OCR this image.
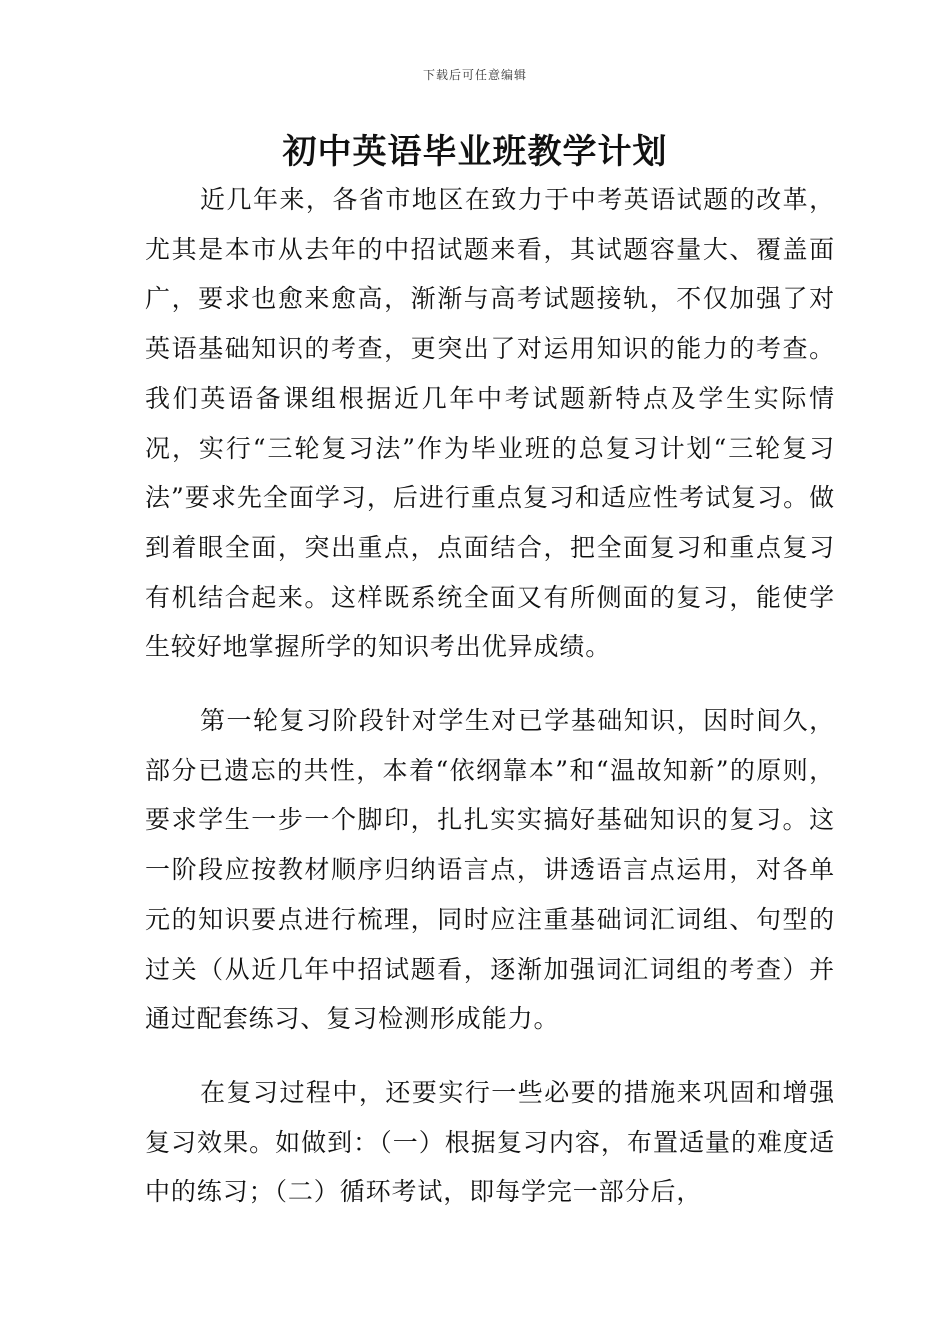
下载后可任意编辑
初中英语毕业班教学计划

近几年来，各省市地区在致力于中考英语试题的改革，尤其是本市从去年的中招试题来看，其试题容量大、覆盖面广，要求也愈来愈高，渐渐与高考试题接轨，不仅加强了对英语基础知识的考查，更突出了对运用知识的能力的考查。我们英语备课组根据近几年中考试题新特点及学生实际情况，实行“三轮复习法”作为毕业班的总复习计划“三轮复习法”要求先全面学习，后进行重点复习和适应性考试复习。做到着眼全面，突出重点，点面结合，把全面复习和重点复习有机结合起来。这样既系统全面又有所侧面的复习，能使学生较好地掌握所学的知识考出优异成绩。

第一轮复习阶段针对学生对已学基础知识，因时间久，部分已遗忘的共性，本着“依纲靠本”和“温故知新”的原则，要求学生一步一个脚印，扎扎实实搞好基础知识的复习。这一阶段应按教材顺序归纳语言点，讲透语言点运用，对各单元的知识要点进行梳理，同时应注重基础词汇词组、句型的过关（从近几年中招试题看，逐渐加强词汇词组的考查）并通过配套练习、复习检测形成能力。

在复习过程中，还要实行一些必要的措施来巩固和增强复习效果。如做到：（一）根据复习内容，布置适量的难度适中的练习；（二）循环考试，即每学完一部分后，
